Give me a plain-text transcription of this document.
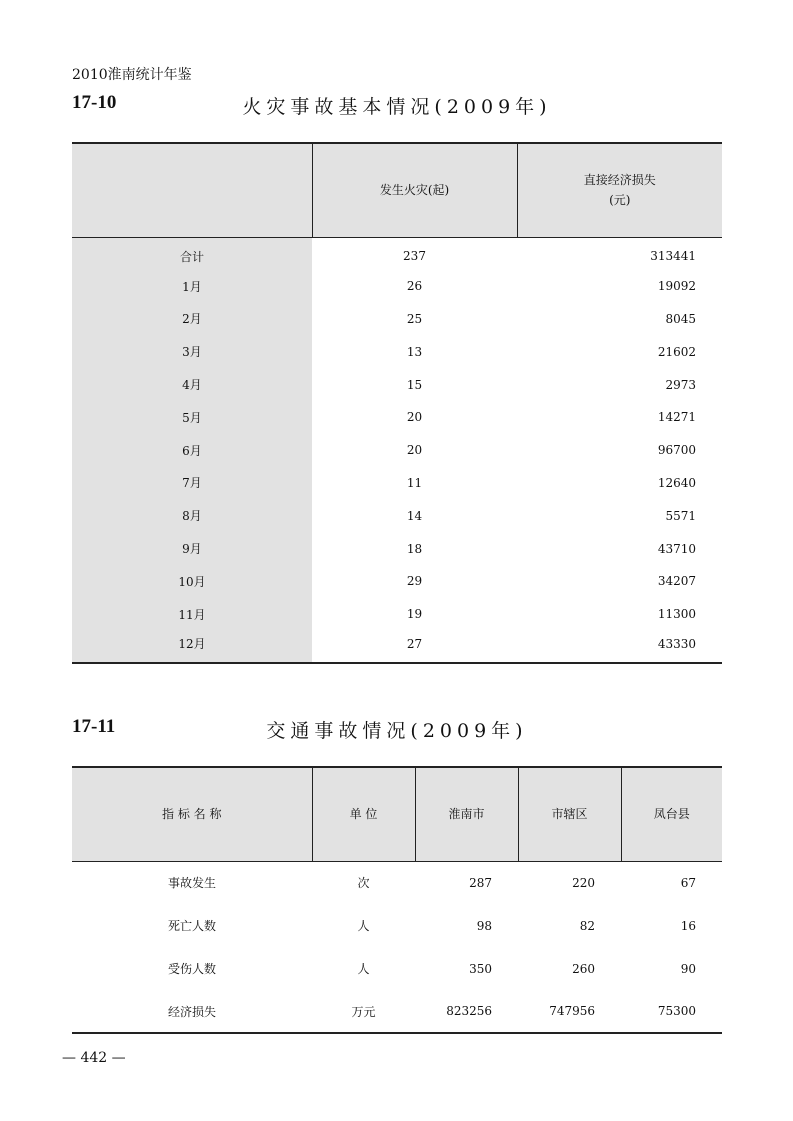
2010淮南统计年鉴
17-10	火灾事故基本情况(2009年)
	发生火灾(起)	直接经济损失
(元)
合计	237	313441
1月	26	19092
2月	25	8045
3月	13	21602
4月	15	2973
5月	20	14271
6月	20	96700
7月	11	12640
8月	14	5571
9月	18	43710
10月	29	34207
11月	19	11300
12月	27	43330
17-11	交通事故情况(2009年)
指 标 名 称	单 位	淮南市	市辖区	凤台县
事故发生	次	287	220	67
死亡人数	人	98	82	16
受伤人数	人	350	260	90
经济损失	万元	823256	747956	75300
— 442 —
